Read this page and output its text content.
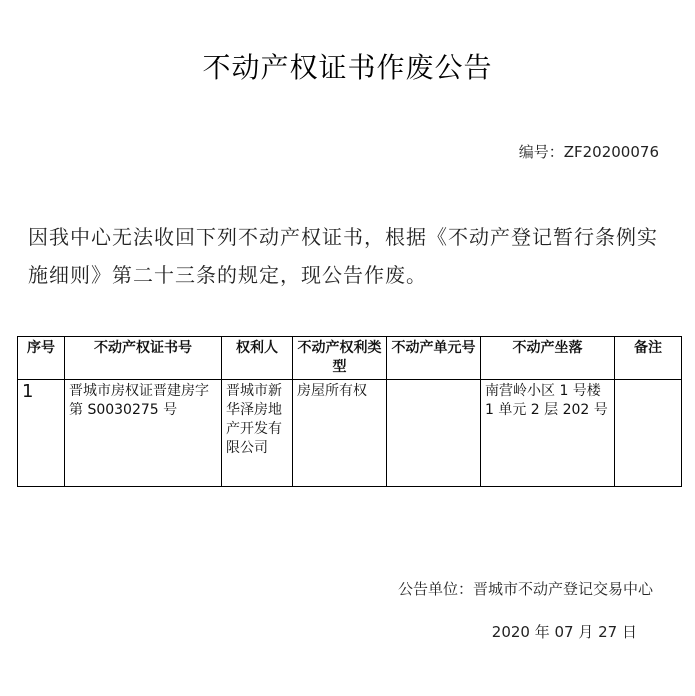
不动产权证书作废公告
编号：ZF20200076
因我中心无法收回下列不动产权证书，根据《不动产登记暂行条例实施细则》第二十三条的规定，现公告作废。
序号	不动产权证书号	权利人	不动产权利类型	不动产单元号	不动产坐落	备注
1	晋城市房权证晋建房字第 S0030275 号	晋城市新华泽房地产开发有限公司	房屋所有权		南营岭小区 1 号楼 1 单元 2 层 202 号	
公告单位：晋城市不动产登记交易中心
2020 年 07 月 27 日
